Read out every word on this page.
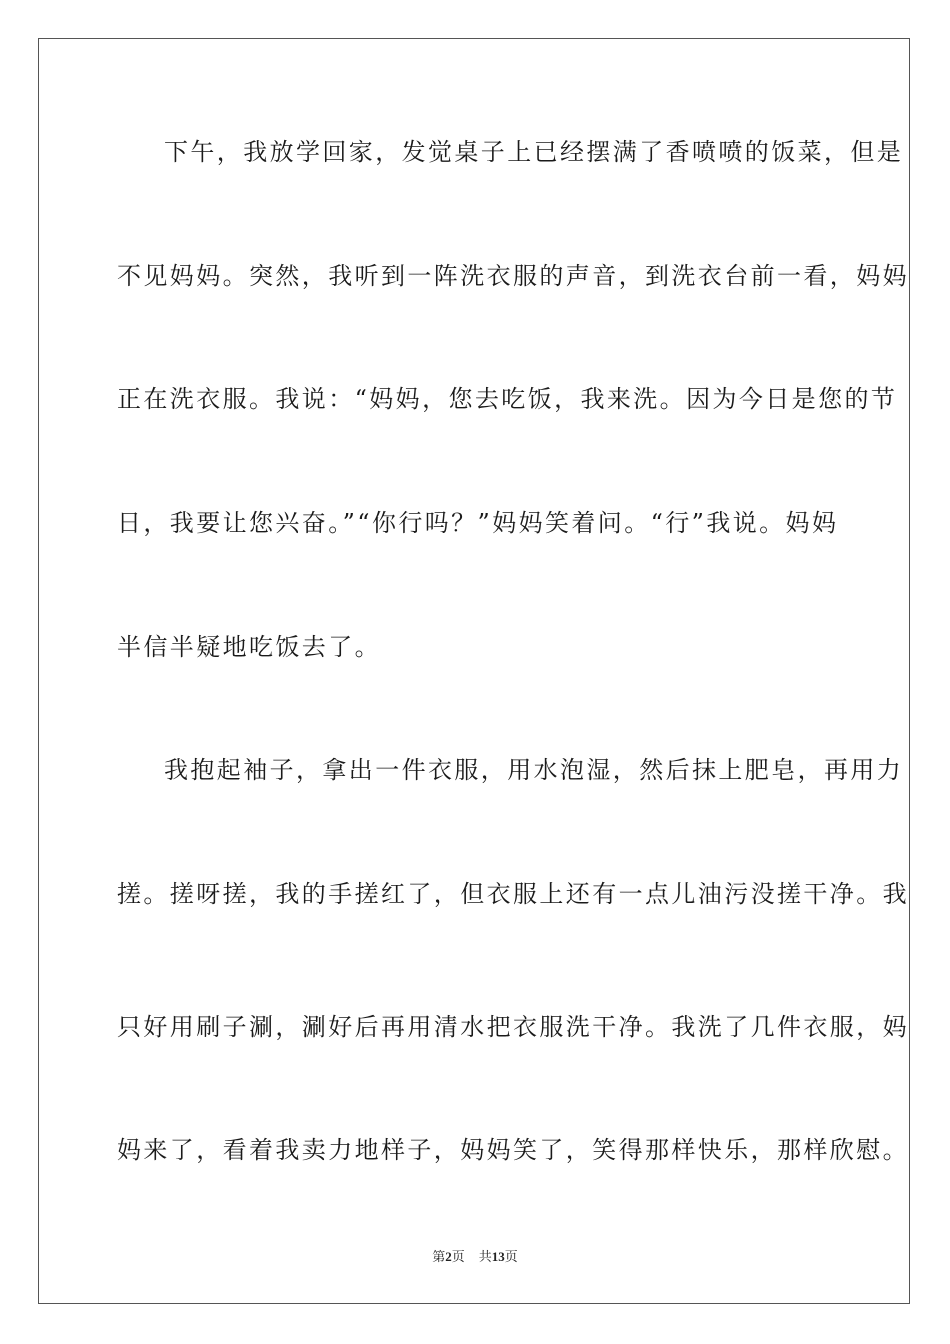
下午，我放学回家，发觉桌子上已经摆满了香喷喷的饭菜，但是
不见妈妈。突然，我听到一阵洗衣服的声音，到洗衣台前一看，妈妈
正在洗衣服。我说：“妈妈，您去吃饭，我来洗。因为今日是您的节
日，我要让您兴奋。”“你行吗？”妈妈笑着问。“行”我说。妈妈
半信半疑地吃饭去了。
我抱起袖子，拿出一件衣服，用水泡湿，然后抹上肥皂，再用力
搓。搓呀搓，我的手搓红了，但衣服上还有一点儿油污没搓干净。我
只好用刷子涮，涮好后再用清水把衣服洗干净。我洗了几件衣服，妈
妈来了，看着我卖力地样子，妈妈笑了，笑得那样快乐，那样欣慰。
第2页 共13页
